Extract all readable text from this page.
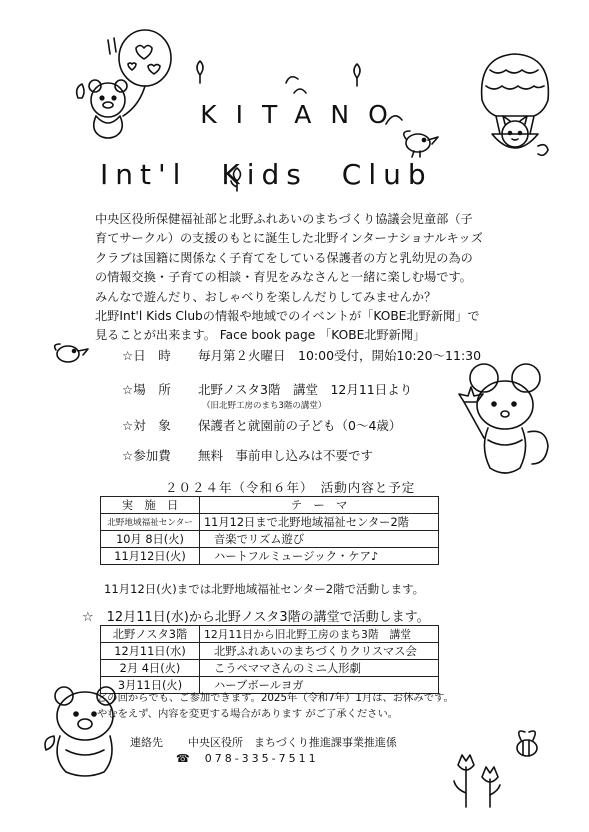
KITANO
Int'l Kids Club
中央区役所保健福祉部と北野ふれあいのまちづくり協議会児童部（子
育てサークル）の支援のもとに誕生した北野インターナショナルキッズ
クラブは国籍に関係なく子育てをしている保護者の方と乳幼児の為の
の情報交換・子育ての相談・育児をみなさんと一緒に楽しむ場です。
みんなで遊んだり、おしゃべりを楽しんだりしてみませんか？
北野Int'l Kids Clubの情報や地域でのイベントが「KOBE北野新聞」で
見ることが出来ます。 Face book page 「KOBE北野新聞」
☆日　時 毎月第２火曜日　10:00受付，開始10:20～11:30
☆場　所 北野ノスタ3階　講堂　12月11日より
（旧北野工房のまち3階の講堂）
☆対　象 保護者と就園前の子ども（0～4歳）
☆参加費 無料　事前申し込みは不要です
２０２４年（令和６年）　活動内容と予定
実　施　日	テ　ー　マ
北野地域福祉センター	11月12日まで北野地域福祉センター2階
10月 8日(火)	音楽でリズム遊び
11月12日(火)	ハートフルミュージック・ケア♪
11月12日(火)までは北野地域福祉センター2階で活動します。
☆　12月11日(水)から北野ノスタ3階の講堂で活動します。
北野ノスタ3階	12月11日から旧北野工房のまち3階　講堂
12月11日(水)	北野ふれあいのまちづくりクリスマス会
2月 4日(火)	こうペママさんのミニ人形劇
3月11日(火)	ハーブボールヨガ
どの回からでも、ご参加できます。2025年（令和7年）1月は、お休みです。
やむをえず、内容を変更する場合があります がご了承ください。
連絡先 中央区役所　まちづくり推進課事業推進係
☎ 078-335-7511
